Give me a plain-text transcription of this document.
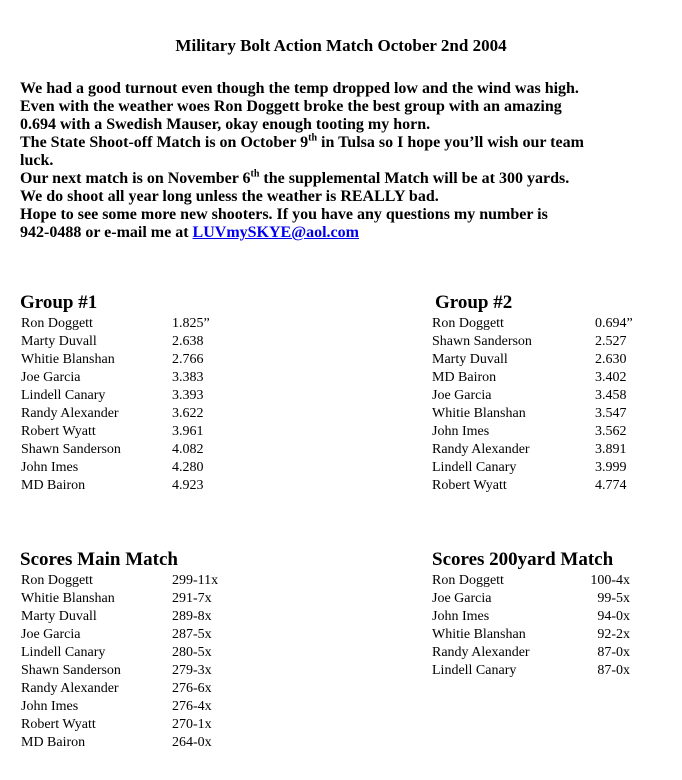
Military Bolt Action Match October 2nd 2004

We had a good turnout even though the temp dropped low and the wind was high.

Even with the weather woes Ron Doggett broke the best group with an amazing

0.694 with a Swedish Mauser, okay enough tooting my horn.

The State Shoot-off Match is on October 9th in Tulsa so I hope you’ll wish our team

luck.

Our next match is on November 6th the supplemental Match will be at 300 yards.

We do shoot all year long unless the weather is REALLY bad.

Hope to see some more new shooters. If you have any questions my number is

942-0488 or e-mail me at LUVmySKYE@aol.com

Group #1
Ron Doggett	1.825”
Marty Duvall	2.638
Whitie Blanshan	2.766
Joe Garcia	3.383
Lindell Canary	3.393
Randy Alexander	3.622
Robert Wyatt	3.961
Shawn Sanderson	4.082
John Imes	4.280
MD Bairon	4.923
Group #2
Ron Doggett	0.694”
Shawn Sanderson	2.527
Marty Duvall	2.630
MD Bairon	3.402
Joe Garcia	3.458
Whitie Blanshan	3.547
John Imes	3.562
Randy Alexander	3.891
Lindell Canary	3.999
Robert Wyatt	4.774
Scores Main Match
Ron Doggett	299-11x
Whitie Blanshan	291-7x
Marty Duvall	289-8x
Joe Garcia	287-5x
Lindell Canary	280-5x
Shawn Sanderson	279-3x
Randy Alexander	276-6x
John Imes	276-4x
Robert Wyatt	270-1x
MD Bairon	264-0x
Scores 200yard Match
Ron Doggett	100-4x
Joe Garcia	99-5x
John Imes	94-0x
Whitie Blanshan	92-2x
Randy Alexander	87-0x
Lindell Canary	87-0x
